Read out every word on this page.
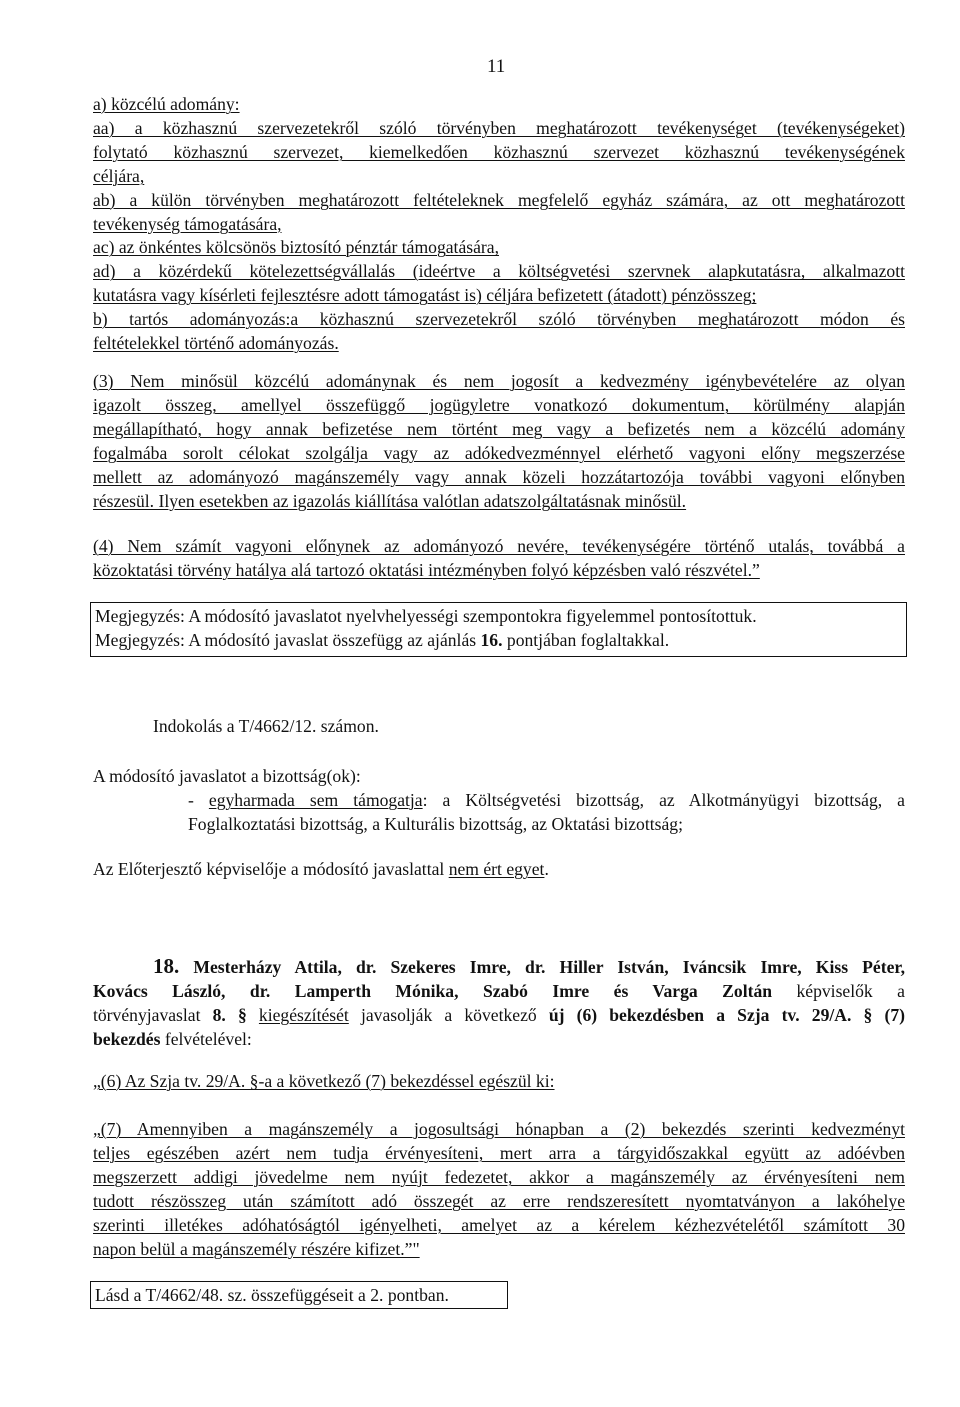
11
a) közcélú adomány:
aa) a közhasznú szervezetekről szóló törvényben meghatározott tevékenységet (tevékenységeket)
folytató közhasznú szervezet, kiemelkedően közhasznú szervezet közhasznú tevékenységének
céljára,
ab) a külön törvényben meghatározott feltételeknek megfelelő egyház számára, az ott meghatározott
tevékenység támogatására,
ac) az önkéntes kölcsönös biztosító pénztár támogatására,
ad) a közérdekű kötelezettségvállalás (ideértve a költségvetési szervnek alapkutatásra, alkalmazott
kutatásra vagy kísérleti fejlesztésre adott támogatást is) céljára befizetett (átadott) pénzösszeg;
b) tartós adományozás:a közhasznú szervezetekről szóló törvényben meghatározott módon és
feltételekkel történő adományozás.
(3) Nem minősül közcélú adománynak és nem jogosít a kedvezmény igénybevételére az olyan
igazolt összeg, amellyel összefüggő jogügyletre vonatkozó dokumentum, körülmény alapján
megállapítható, hogy annak befizetése nem történt meg vagy a befizetés nem a közcélú adomány
fogalmába sorolt célokat szolgálja vagy az adókedvezménnyel elérhető vagyoni előny megszerzése
mellett az adományozó magánszemély vagy annak közeli hozzátartozója további vagyoni előnyben
részesül. Ilyen esetekben az igazolás kiállítása valótlan adatszolgáltatásnak minősül.
(4) Nem számít vagyoni előnynek az adományozó nevére, tevékenységére történő utalás, továbbá a
közoktatási törvény hatálya alá tartozó oktatási intézményben folyó képzésben való részvétel.”
Megjegyzés: A módosító javaslatot nyelvhelyességi szempontokra figyelemmel pontosítottuk.
Megjegyzés: A módosító javaslat összefügg az ajánlás 16. pontjában foglaltakkal.
Indokolás a T/4662/12. számon.
A módosító javaslatot a bizottság(ok):
- egyharmada sem támogatja: a Költségvetési bizottság, az Alkotmányügyi bizottság, a
Foglalkoztatási bizottság, a Kulturális bizottság, az Oktatási bizottság;
Az Előterjesztő képviselője a módosító javaslattal nem ért egyet.
18. Mesterházy Attila, dr. Szekeres Imre, dr. Hiller István, Iváncsik Imre, Kiss Péter,
Kovács László, dr. Lamperth Mónika, Szabó Imre és Varga Zoltán képviselők a
törvényjavaslat 8. § kiegészítését javasolják a következő új (6) bekezdésben a Szja tv. 29/A. § (7)
bekezdés felvételével:
„(6) Az Szja tv. 29/A. §-a a következő (7) bekezdéssel egészül ki:
„(7) Amennyiben a magánszemély a jogosultsági hónapban a (2) bekezdés szerinti kedvezményt
teljes egészében azért nem tudja érvényesíteni, mert arra a tárgyidőszakkal együtt az adóévben
megszerzett addigi jövedelme nem nyújt fedezetet, akkor a magánszemély az érvényesíteni nem
tudott részösszeg után számított adó összegét az erre rendszeresített nyomtatványon a lakóhelye
szerinti illetékes adóhatóságtól igényelheti, amelyet az a kérelem kézhezvételétől számított 30
napon belül a magánszemély részére kifizet.”"
Lásd a T/4662/48. sz. összefüggéseit a 2. pontban.
